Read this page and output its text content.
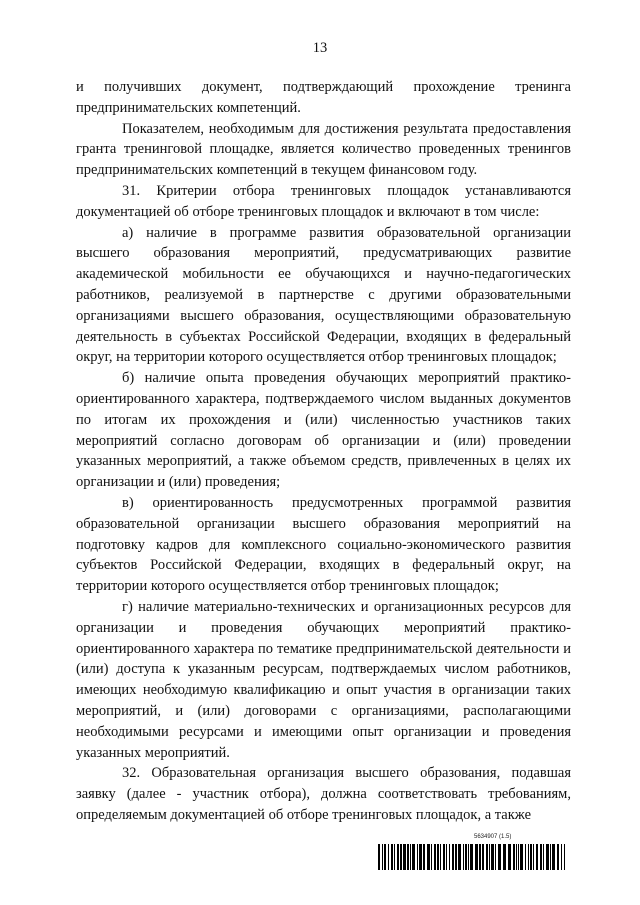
13

и получивших документ, подтверждающий прохождение тренинга предпринимательских компетенций.

Показателем, необходимым для достижения результата предоставления гранта тренинговой площадке, является количество проведенных тренингов предпринимательских компетенций в текущем финансовом году.

31. Критерии отбора тренинговых площадок устанавливаются документацией об отборе тренинговых площадок и включают в том числе:

а) наличие в программе развития образовательной организации высшего образования мероприятий, предусматривающих развитие академической мобильности ее обучающихся и научно-педагогических работников, реализуемой в партнерстве с другими образовательными организациями высшего образования, осуществляющими образовательную деятельность в субъектах Российской Федерации, входящих в федеральный округ, на территории которого осуществляется отбор тренинговых площадок;

б) наличие опыта проведения обучающих мероприятий практико-ориентированного характера, подтверждаемого числом выданных документов по итогам их прохождения и (или) численностью участников таких мероприятий согласно договорам об организации и (или) проведении указанных мероприятий, а также объемом средств, привлеченных в целях их организации и (или) проведения;

в) ориентированность предусмотренных программой развития образовательной организации высшего образования мероприятий на подготовку кадров для комплексного социально-экономического развития субъектов Российской Федерации, входящих в федеральный округ, на территории которого осуществляется отбор тренинговых площадок;

г) наличие материально-технических и организационных ресурсов для организации и проведения обучающих мероприятий практико-ориентированного характера по тематике предпринимательской деятельности и (или) доступа к указанным ресурсам, подтверждаемых числом работников, имеющих необходимую квалификацию и опыт участия в организации таких мероприятий, и (или) договорами с организациями, располагающими необходимыми ресурсами и имеющими опыт организации и проведения указанных мероприятий.

32. Образовательная организация высшего образования, подавшая заявку (далее - участник отбора), должна соответствовать требованиям, определяемым документацией об отборе тренинговых площадок, а также

5634907 (1.5)
